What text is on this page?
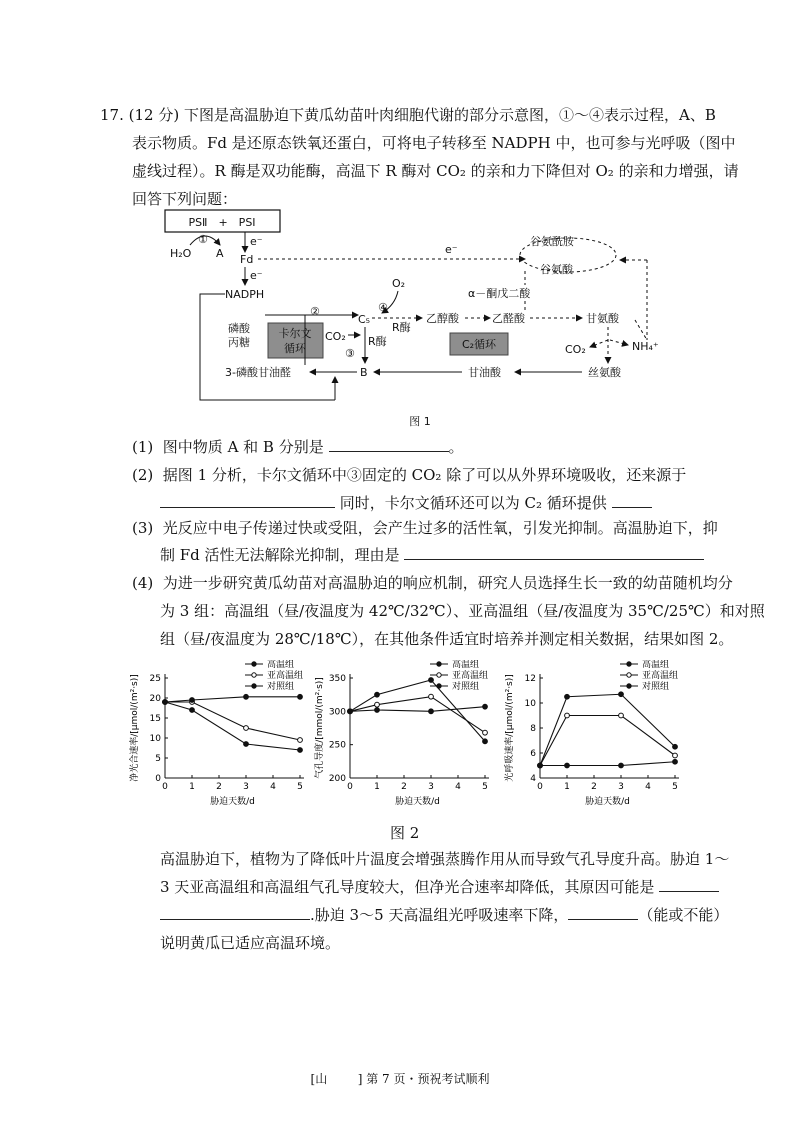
17. (12 分) 下图是高温胁迫下黄瓜幼苗叶肉细胞代谢的部分示意图，①～④表示过程，A、B
表示物质。Fd 是还原态铁氧还蛋白，可将电子转移至 NADPH 中，也可参与光呼吸（图中
虚线过程）。R 酶是双功能酶，高温下 R 酶对 CO₂ 的亲和力下降但对 O₂ 的亲和力增强，请
回答下列问题：
PSⅡ　+　PSⅠ
H₂O
①
A
e⁻
Fd
e⁻
NADPH
e⁻
谷氨酰胺
谷氨酸
α－酮戊二酸
磷酸
丙糖
卡尔文
循环
②
CO₂
C₅
R酶
③
B
O₂
④
R酶
乙醇酸	乙醛酸	甘氨酸
C₂循环	CO₂	NH₄⁺
丝氨酸
甘油酸
3-磷酸甘油醛
图 1
(1) 图中物质 A 和 B 分别是	。
(2) 据图 1 分析，卡尔文循环中③固定的 CO₂ 除了可以从外界环境吸收，还来源于
同时，卡尔文循环还可以为 C₂ 循环提供
(3) 光反应中电子传递过快或受阻，会产生过多的活性氧，引发光抑制。高温胁迫下，抑
制 Fd 活性无法解除光抑制，理由是
(4) 为进一步研究黄瓜幼苗对高温胁迫的响应机制，研究人员选择生长一致的幼苗随机均分
为 3 组：高温组（昼/夜温度为 42℃/32℃）、亚高温组（昼/夜温度为 35℃/25℃）和对照
组（昼/夜温度为 28℃/18℃），在其他条件适宜时培养并测定相关数据，结果如图 2。
0 1 2 3 4 5
0
5
10
15
20
25
胁迫天数/d
净光合速率/[μmol/(m²·s)]
高温组
亚高温组
对照组
0 1 2 3 4 5
200
250
300
350
胁迫天数/d
气孔导度/[mmol/(m²·s)]
高温组
亚高温组
对照组
0 1 2 3 4 5
4
6
8
10
12
胁迫天数/d
光呼吸速率/[μmol/(m²·s)]
高温组
亚高温组
对照组
图 2
高温胁迫下，植物为了降低叶片温度会增强蒸腾作用从而导致气孔导度升高。胁迫 1～
3 天亚高温组和高温组气孔导度较大，但净光合速率却降低，其原因可能是
.胁迫 3～5 天高温组光呼吸速率下降，	（能或不能）
说明黄瓜已适应高温环境。
[山	] 第 7 页・预祝考试顺利
